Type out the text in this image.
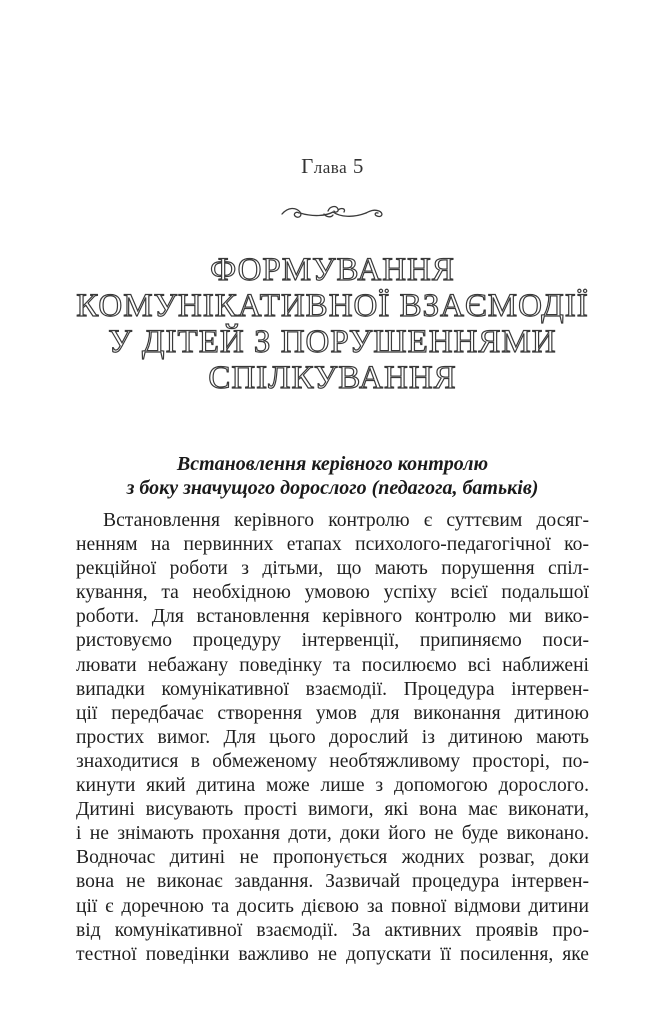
Глава 5
ФОРМУВАННЯ
КОМУНІКАТИВНОЇ ВЗАЄМОДІЇ
У ДІТЕЙ З ПОРУШЕННЯМИ
СПІЛКУВАННЯ
Встановлення керівного контролю
з боку значущого дорослого (педагога, батьків)
Встановлення керівного контролю є суттєвим досяг-
ненням на первинних етапах психолого-педагогічної ко-
рекційної роботи з дітьми, що мають порушення спіл-
кування, та необхідною умовою успіху всієї подальшої
роботи. Для встановлення керівного контролю ми вико-
ристовуємо процедуру інтервенції, припиняємо поси-
лювати небажану поведінку та посилюємо всі наближені
випадки комунікативної взаємодії. Процедура інтервен-
ції передбачає створення умов для виконання дитиною
простих вимог. Для цього дорослий із дитиною мають
знаходитися в обмеженому необтяжливому просторі, по-
кинути який дитина може лише з допомогою дорослого.
Дитині висувають прості вимоги, які вона має виконати,
і не знімають прохання доти, доки його не буде виконано.
Водночас дитині не пропонується жодних розваг, доки
вона не виконає завдання. Зазвичай процедура інтервен-
ції є доречною та досить дієвою за повної відмови дитини
від комунікативної взаємодії. За активних проявів про-
тестної поведінки важливо не допускати її посилення, яке
